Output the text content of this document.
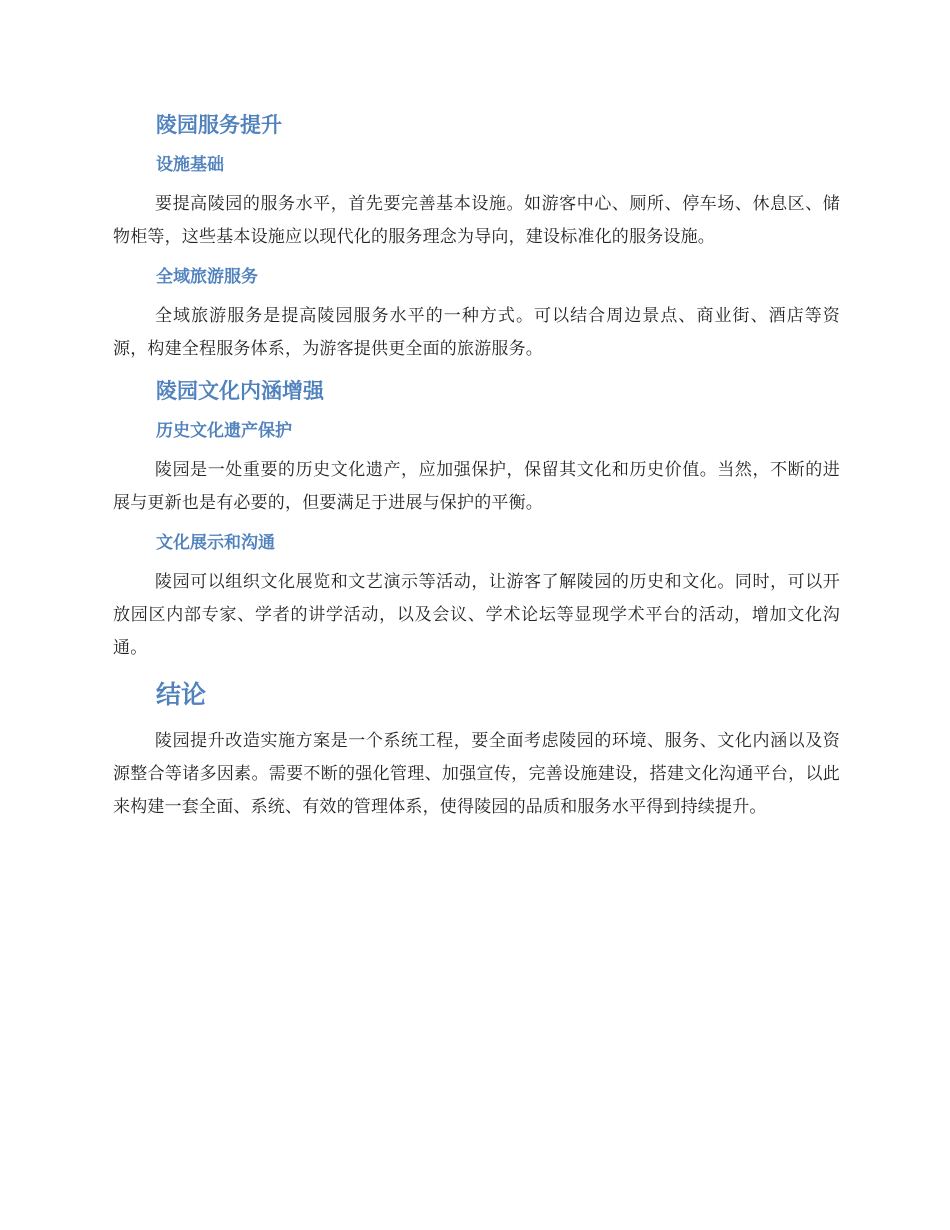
陵园服务提升
设施基础

要提高陵园的服务水平，首先要完善基本设施。如游客中心、厕所、停车场、休息区、储物柜等，这些基本设施应以现代化的服务理念为导向，建设标准化的服务设施。

全域旅游服务

全域旅游服务是提高陵园服务水平的一种方式。可以结合周边景点、商业街、酒店等资源，构建全程服务体系，为游客提供更全面的旅游服务。

陵园文化内涵增强
历史文化遗产保护

陵园是一处重要的历史文化遗产，应加强保护，保留其文化和历史价值。当然，不断的进展与更新也是有必要的，但要满足于进展与保护的平衡。

文化展示和沟通

陵园可以组织文化展览和文艺演示等活动，让游客了解陵园的历史和文化。同时，可以开放园区内部专家、学者的讲学活动，以及会议、学术论坛等显现学术平台的活动，增加文化沟通。

结论

陵园提升改造实施方案是一个系统工程，要全面考虑陵园的环境、服务、文化内涵以及资源整合等诸多因素。需要不断的强化管理、加强宣传，完善设施建设，搭建文化沟通平台，以此来构建一套全面、系统、有效的管理体系，使得陵园的品质和服务水平得到持续提升。
